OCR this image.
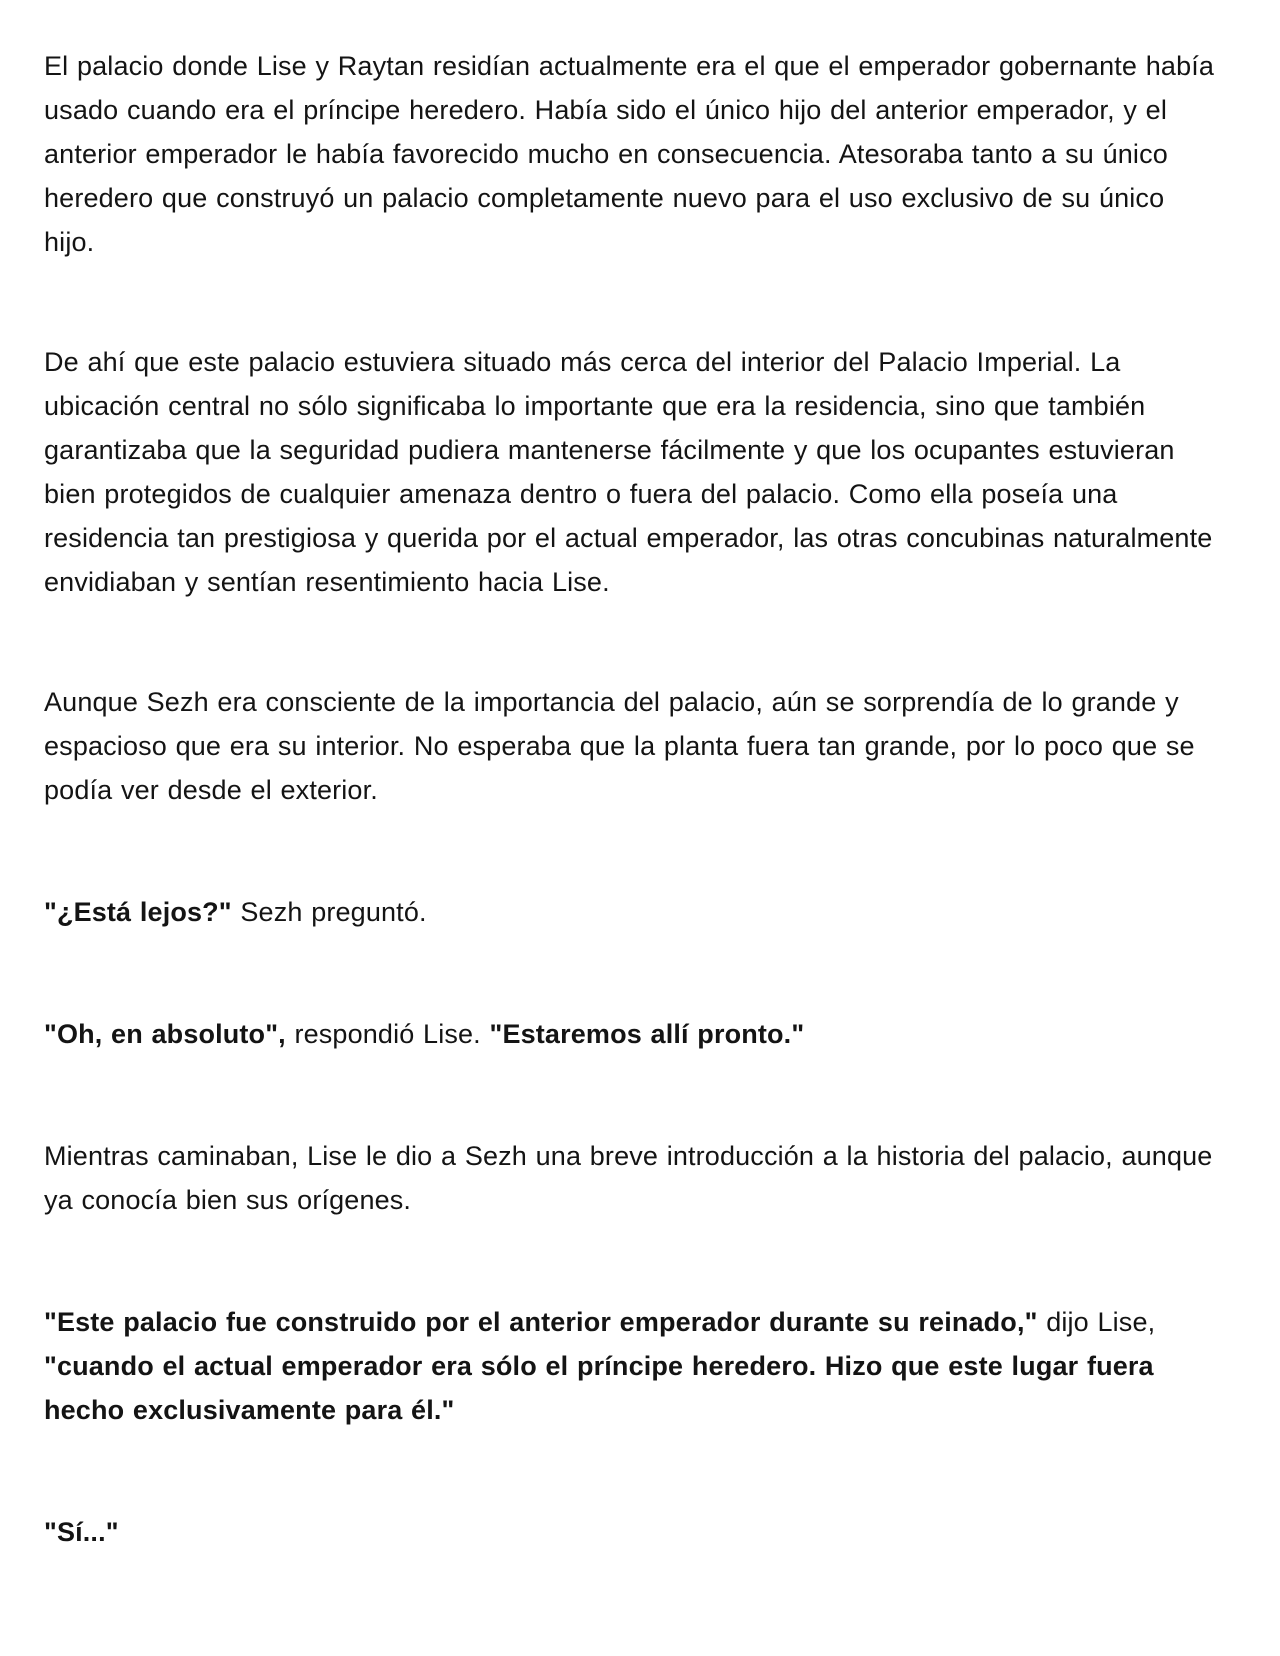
El palacio donde Lise y Raytan residían actualmente era el que el emperador gobernante había usado cuando era el príncipe heredero. Había sido el único hijo del anterior emperador, y el anterior emperador le había favorecido mucho en consecuencia. Atesoraba tanto a su único heredero que construyó un palacio completamente nuevo para el uso exclusivo de su único hijo.

De ahí que este palacio estuviera situado más cerca del interior del Palacio Imperial. La ubicación central no sólo significaba lo importante que era la residencia, sino que también garantizaba que la seguridad pudiera mantenerse fácilmente y que los ocupantes estuvieran bien protegidos de cualquier amenaza dentro o fuera del palacio. Como ella poseía una residencia tan prestigiosa y querida por el actual emperador, las otras concubinas naturalmente envidiaban y sentían resentimiento hacia Lise.

Aunque Sezh era consciente de la importancia del palacio, aún se sorprendía de lo grande y espacioso que era su interior. No esperaba que la planta fuera tan grande, por lo poco que se podía ver desde el exterior.

"¿Está lejos?" Sezh preguntó.

"Oh, en absoluto", respondió Lise. "Estaremos allí pronto."

Mientras caminaban, Lise le dio a Sezh una breve introducción a la historia del palacio, aunque ya conocía bien sus orígenes.

"Este palacio fue construido por el anterior emperador durante su reinado," dijo Lise, "cuando el actual emperador era sólo el príncipe heredero. Hizo que este lugar fuera hecho exclusivamente para él."

"Sí..."
